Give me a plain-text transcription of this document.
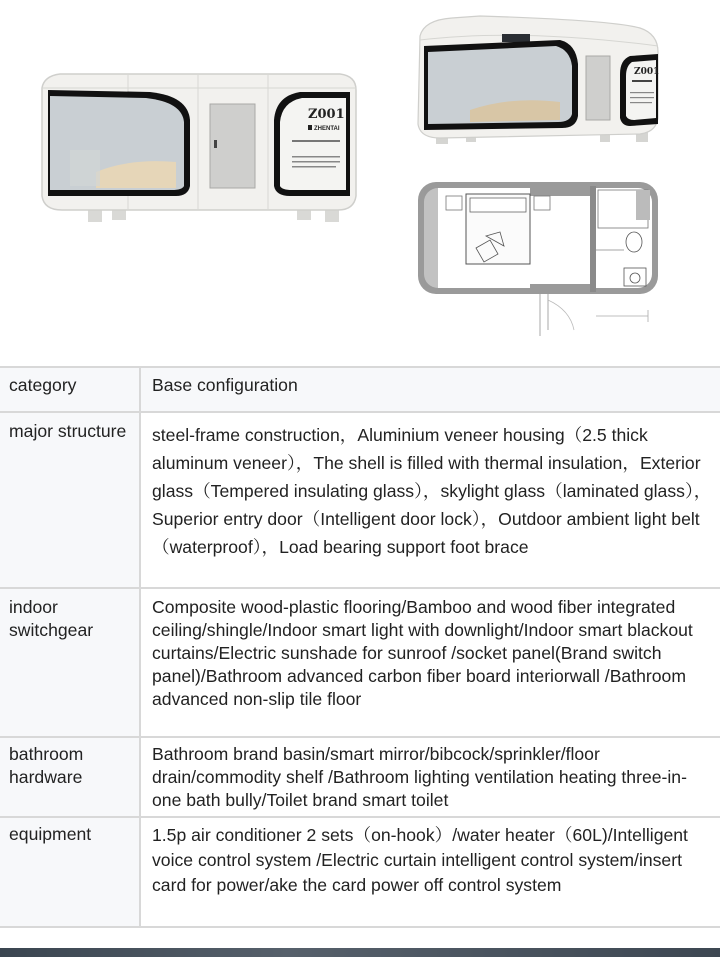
Z001
ZHENTAI
Z001
category	Base configuration
major structure	steel-frame construction，Aluminium veneer housing（2.5 thick aluminum veneer），The shell is filled with thermal insulation，Exterior glass（Tempered insulating glass），skylight glass（laminated glass），Superior entry door（Intelligent door lock），Outdoor ambient light belt（waterproof），Load bearing support foot brace
indoor switchgear	Composite wood-plastic flooring/Bamboo and wood fiber integrated ceiling/shingle/Indoor smart light with downlight/Indoor smart blackout curtains/Electric sunshade for sunroof /socket panel(Brand switch panel)/Bathroom advanced carbon fiber board interiorwall /Bathroom advanced non-slip tile floor
bathroom hardware	Bathroom brand basin/smart mirror/bibcock/sprinkler/floor drain/commodity shelf /Bathroom lighting ventilation heating three-in-one bath bully/Toilet brand smart toilet
equipment	1.5p air conditioner 2 sets（on-hook）/water heater（60L)/Intelligent voice control system /Electric curtain intelligent control system/insert card for power/ake the card power off control system
